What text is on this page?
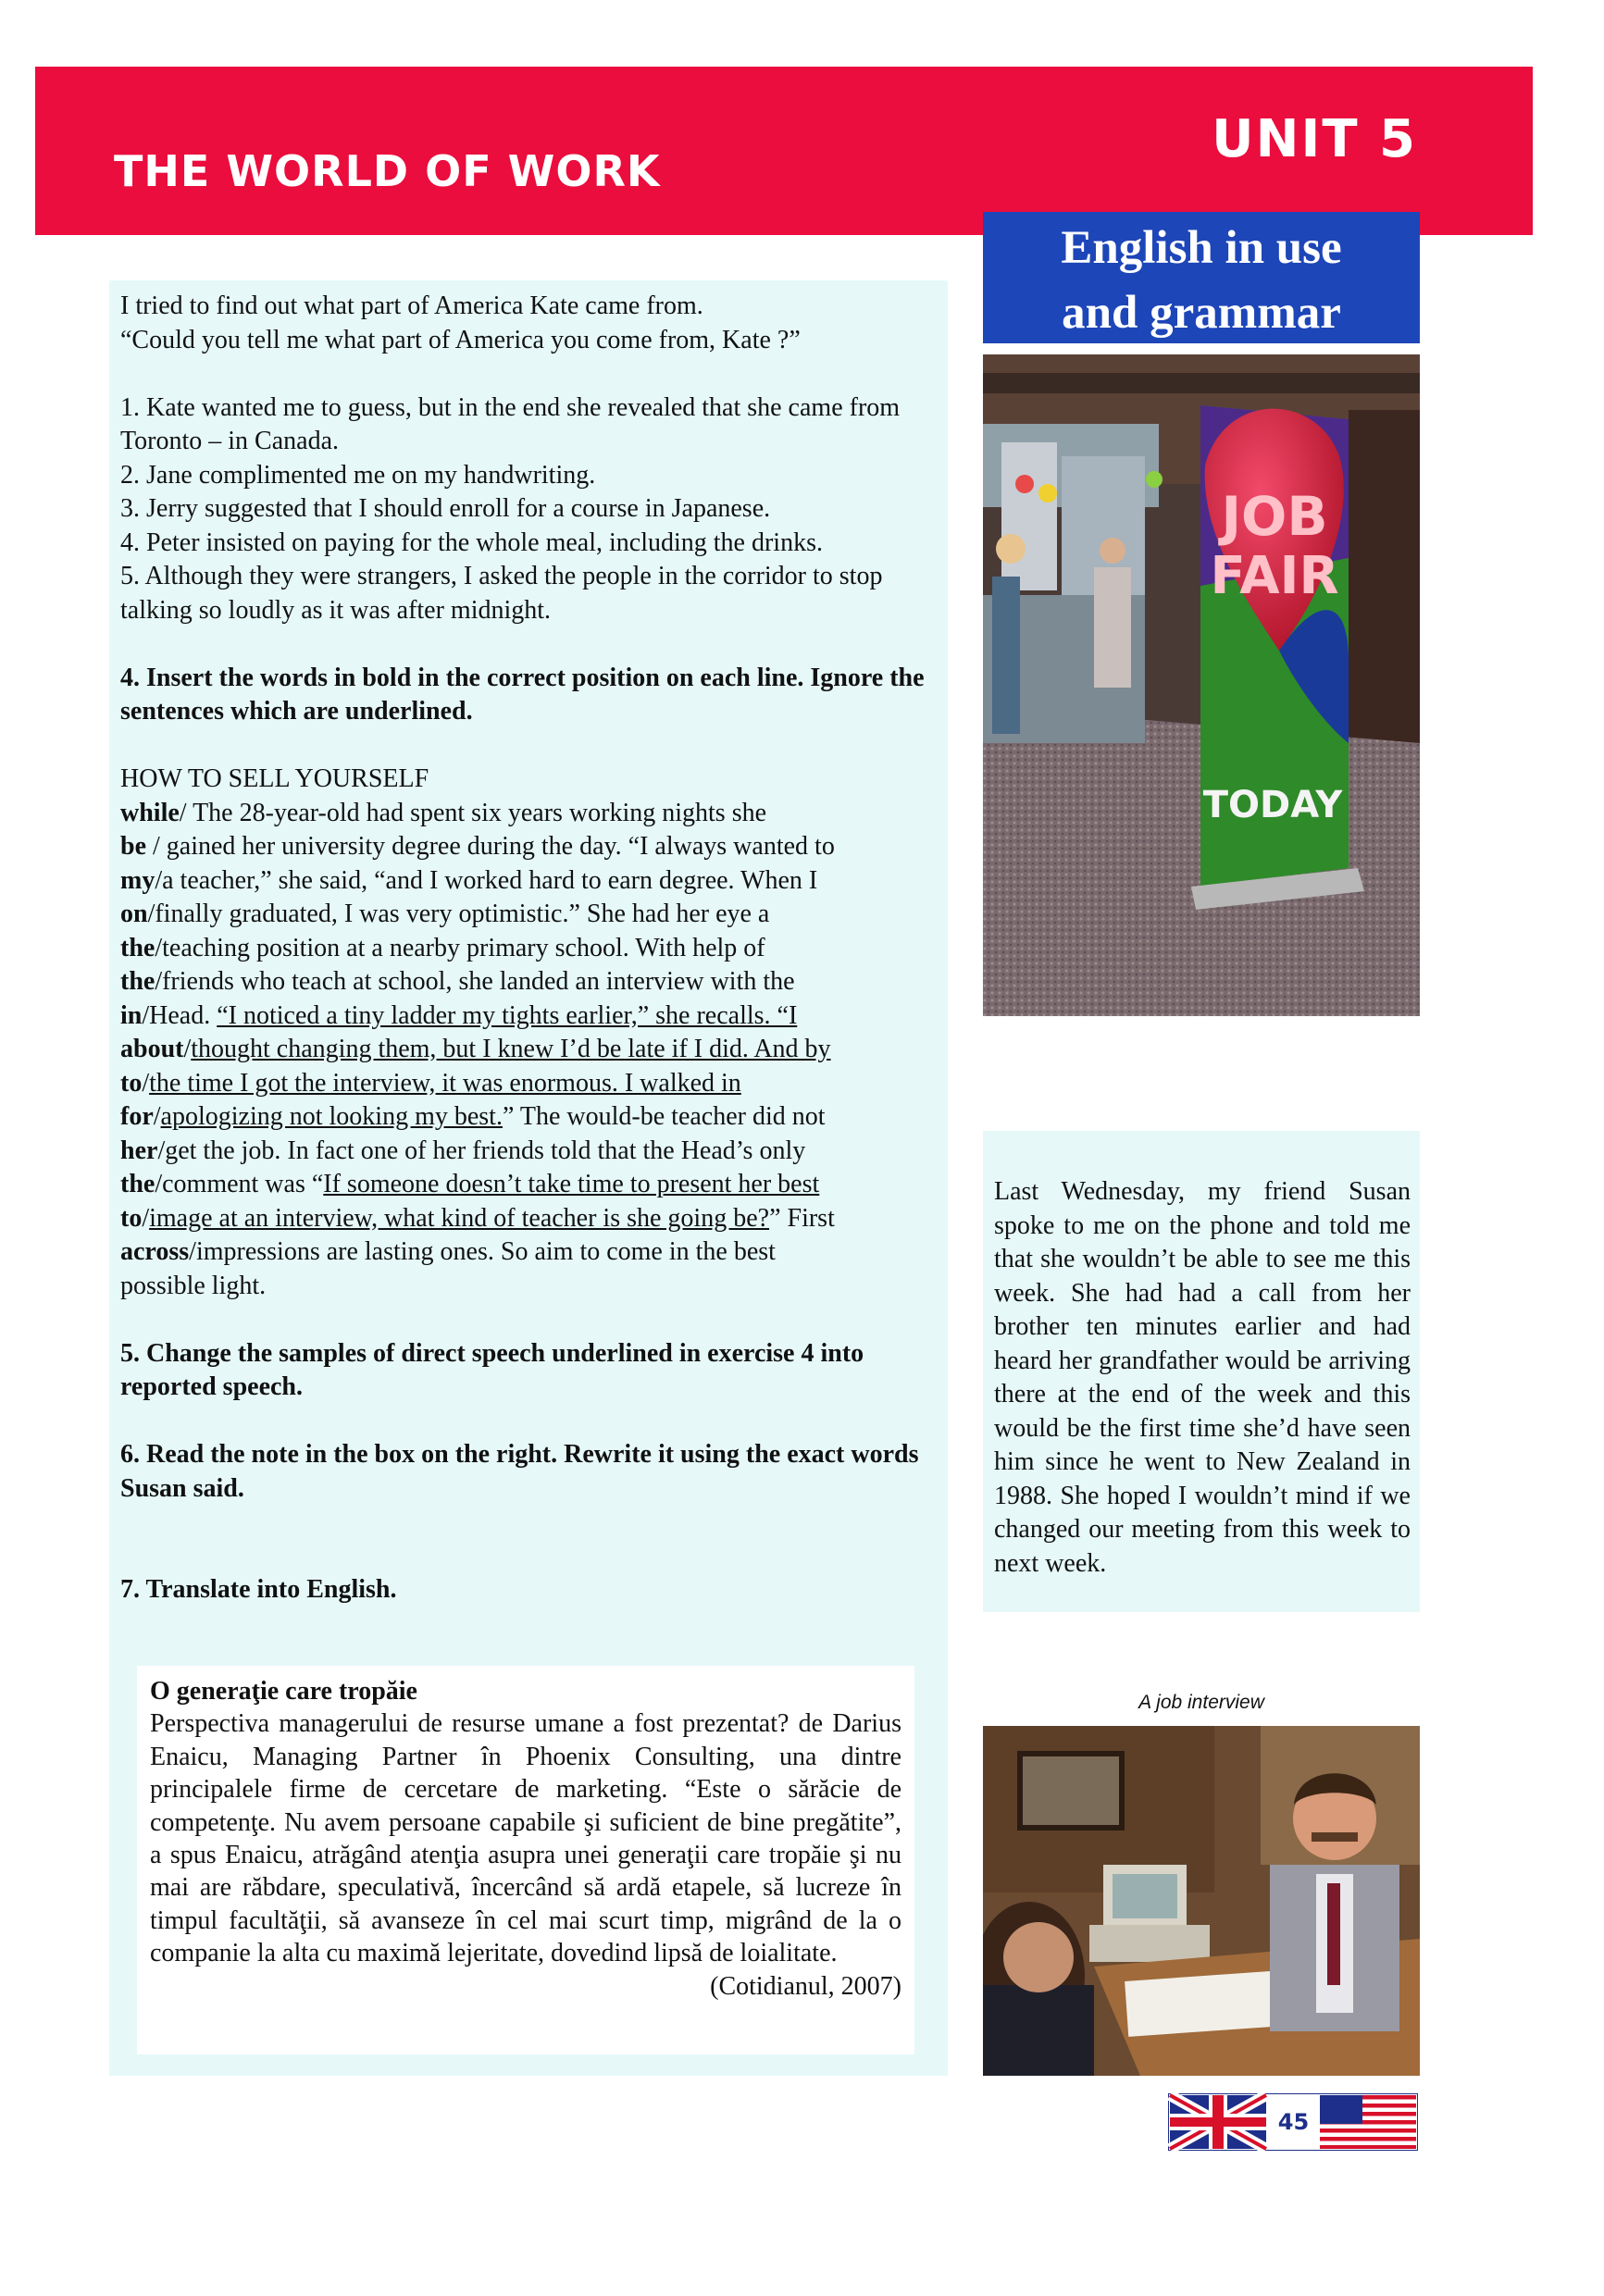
UNIT 5
THE WORLD OF WORK
English in use
and grammar

I tried to find out what part of America Kate came from.

“Could you tell me what part of America you come from, Kate ?”

1. Kate wanted me to guess, but in the end she revealed that she came from Toronto – in Canada.

2. Jane complimented me on my handwriting.

3. Jerry suggested that I should enroll for a course in Japanese.

4. Peter insisted on paying for the whole meal, including the drinks.

5. Although they were strangers, I asked the people in the corridor to stop talking so loudly as it was after midnight.

4. Insert the words in bold in the correct position on each line. Ignore the sentences which are underlined.

HOW TO SELL YOURSELF

while/ The 28-year-old had spent six years working nights she

be / gained her university degree during the day. “I always wanted to

my/a teacher,” she said, “and I worked hard to earn degree. When I

on/finally graduated, I was very optimistic.” She had her eye a

the/teaching position at a nearby primary school. With help of

the/friends who teach at school, she landed an interview with the

in/Head. “I noticed a tiny ladder my tights earlier,” she recalls. “I

about/thought changing them, but I knew I’d be late if I did. And by

to/the time I got the interview, it was enormous. I walked in

for/apologizing not looking my best.” The would-be teacher did not

her/get the job. In fact one of her friends told that the Head’s only

the/comment was “If someone doesn’t take time to present her best

to/image at an interview, what kind of teacher is she going be?” First

across/impressions are lasting ones. So aim to come in the best

possible light.

5. Change the samples of direct speech underlined in exercise 4 into reported speech.

6. Read the note in the box on the right. Rewrite it using the exact words Susan said.

7. Translate into English.

O generaţie care tropăie

Perspectiva managerului de resurse umane a fost prezentat? de Darius Enaicu, Managing Partner în Phoenix Consulting, una dintre principalele firme de cercetare de marketing. “Este o sărăcie de competenţe. Nu avem persoane capabile şi suficient de bine pregătite”, a spus Enaicu, atrăgând atenţia asupra unei generaţii care tropăie şi nu mai are răbdare, speculativă, încercând să ardă etapele, să lucreze în timpul facultăţii, să avanseze în cel mai scurt timp, migrând de la o companie la alta cu maximă lejeritate, dovedind lipsă de loialitate.

(Cotidianul, 2007)

JOB
FAIR
TODAY

Last Wednesday, my friend Susan spoke to me on the phone and told me that she wouldn’t be able to see me this week. She had had a call from her brother ten minutes earlier and had heard her grandfather would be arriving there at the end of the week and this would be the first time she’d have seen him since he went to New Zealand in 1988. She hoped I wouldn’t mind if we changed our meeting from this week to next week.

A job interview

45
